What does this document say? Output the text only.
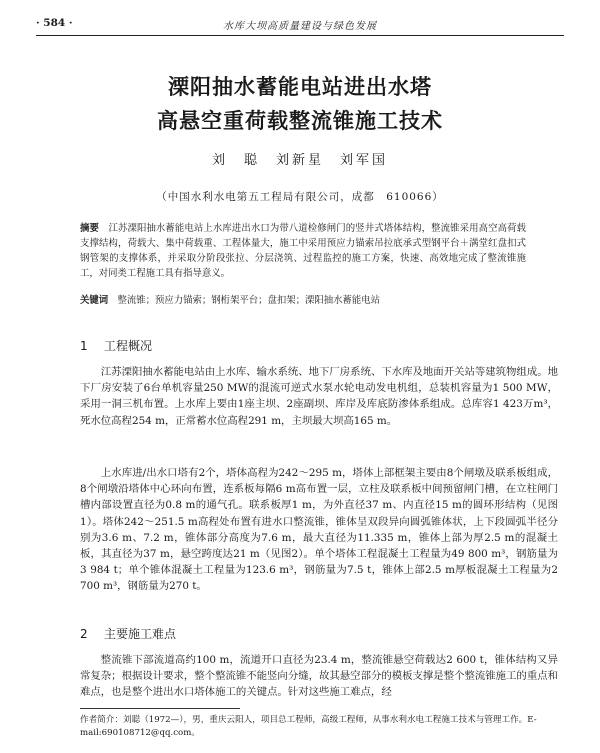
· 584 ·	水库大坝高质量建设与绿色发展
溧阳抽水蓄能电站进出水塔
高悬空重荷载整流锥施工技术
刘　聪　刘新星　刘军国
（中国水利水电第五工程局有限公司，成都　610066）
摘要　江苏溧阳抽水蓄能电站上水库进出水口为带八道检修闸门的竖井式塔体结构，整流锥采用高空高荷载支撑结构，荷载大、集中荷载重、工程体量大，施工中采用预应力锚索吊拉底承式型钢平台＋满堂红盘扣式钢管架的支撑体系，并采取分阶段张拉、分层浇筑、过程监控的施工方案，快速、高效地完成了整流锥施工，对同类工程施工具有指导意义。
关键词　整流锥；预应力锚索；钢桁架平台；盘扣架；溧阳抽水蓄能电站
1 工程概况
江苏溧阳抽水蓄能电站由上水库、输水系统、地下厂房系统、下水库及地面开关站等建筑物组成。地下厂房安装了6台单机容量250 MW的混流可逆式水泵水轮电动发电机组，总装机容量为1 500 MW，采用一洞三机布置。上水库上要由1座主坝、2座副坝、库岸及库底防渗体系组成。总库容1 423万m³，死水位高程254 m，正常蓄水位高程291 m，主坝最大坝高165 m。
上水库进/出水口塔有2个，塔体高程为242～295 m，塔体上部框架主要由8个闸墩及联系板组成，8个闸墩沿塔体中心环向布置，连系板每隔6 m高布置一层，立柱及联系板中间预留闸门槽，在立柱闸门槽内部设置直径为0.8 m的通气孔。联系板厚1 m，为外直径37 m、内直径15 m的圆环形结构（见图1）。塔体242～251.5 m高程处布置有进水口整流锥，锥体呈双段异向圆弧锥体状，上下段圆弧半径分别为3.6 m、7.2 m，锥体部分高度为7.6 m，最大直径为11.335 m，锥体上部为厚2.5 m的混凝土板，其直径为37 m，悬空跨度达21 m（见图2）。单个塔体工程混凝土工程量为49 800 m³，钢筋量为3 984 t；单个锥体混凝土工程量为123.6 m³，钢筋量为7.5 t，锥体上部2.5 m厚板混凝土工程量为2 700 m³，钢筋量为270 t。
2 主要施工难点
整流锥下部流道高约100 m，流道开口直径为23.4 m，整流锥悬空荷载达2 600 t，锥体结构又异常复杂；根据设计要求，整个整流锥不能竖向分缝，故其悬空部分的模板支撑是整个整流锥施工的重点和难点，也是整个进出水口塔体施工的关键点。针对这些施工难点，经
作者简介：刘聪（1972—），男，重庆云阳人，项目总工程师，高级工程师，从事水利水电工程施工技术与管理工作。E-mail:690108712@qq.com。
